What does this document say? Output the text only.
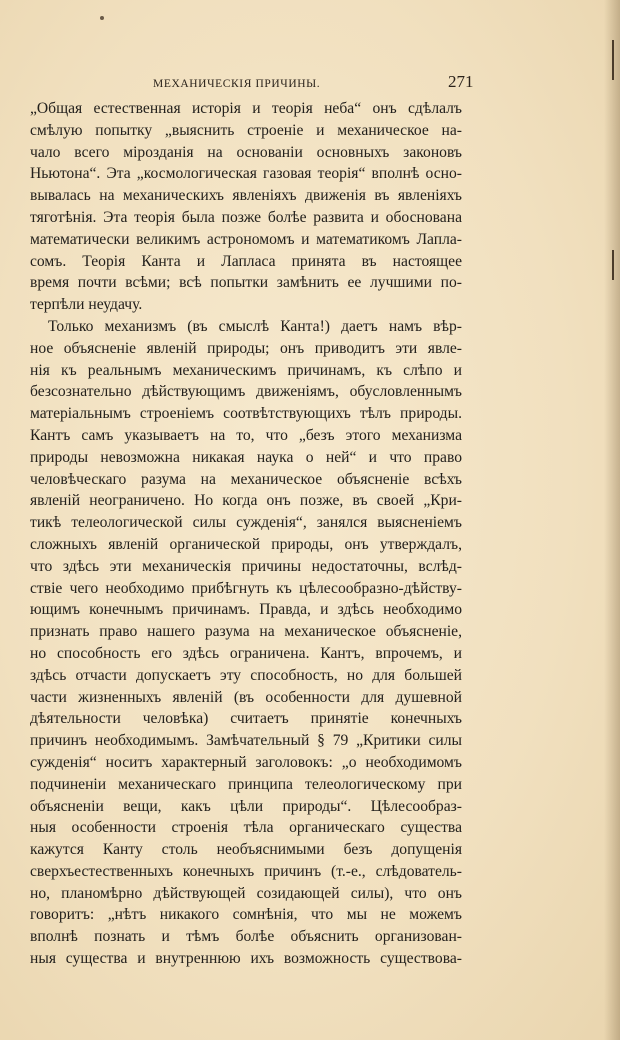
МЕХАНИЧЕСКІЯ ПРИЧИНЫ.	271
„Общая естественная исторія и теорія неба“ онъ сдѣлалъ
смѣлую попытку „выяснить строеніе и механическое на-
чало всего мірозданія на основаніи основныхъ законовъ
Ньютона“. Эта „космологическая газовая теорія“ вполнѣ осно-
вывалась на механическихъ явленіяхъ движенія въ явленіяхъ
тяготѣнія. Эта теорія была позже болѣе развита и обоснована
математически великимъ астрономомъ и математикомъ Лапла-
сомъ. Теорія Канта и Лапласа принята въ настоящее
время почти всѣми; всѣ попытки замѣнить ее лучшими по-
терпѣли неудачу.
Только механизмъ (въ смыслѣ Канта!) даетъ намъ вѣр-
ное объясненіе явленій природы; онъ приводитъ эти явле-
нія къ реальнымъ механическимъ причинамъ, къ слѣпо и
безсознательно дѣйствующимъ движеніямъ, обусловленнымъ
матеріальнымъ строеніемъ соотвѣтствующихъ тѣлъ природы.
Кантъ самъ указываетъ на то, что „безъ этого механизма
природы невозможна никакая наука о ней“ и что право
человѣческаго разума на механическое объясненіе всѣхъ
явленій неограничено. Но когда онъ позже, въ своей „Кри-
тикѣ телеологической силы сужденія“, занялся выясненіемъ
сложныхъ явленій органической природы, онъ утверждалъ,
что здѣсь эти механическія причины недостаточны, вслѣд-
ствіе чего необходимо прибѣгнуть къ цѣлесообразно-дѣйству-
ющимъ конечнымъ причинамъ. Правда, и здѣсь необходимо
признать право нашего разума на механическое объясненіе,
но способность его здѣсь ограничена. Кантъ, впрочемъ, и
здѣсь отчасти допускаетъ эту способность, но для большей
части жизненныхъ явленій (въ особенности для душевной
дѣятельности человѣка) считаетъ принятіе конечныхъ
причинъ необходимымъ. Замѣчательный § 79 „Критики силы
сужденія“ носитъ характерный заголовокъ: „о необходимомъ
подчиненіи механическаго принципа телеологическому при
объясненіи вещи, какъ цѣли природы“. Цѣлесообраз-
ныя особенности строенія тѣла органическаго существа
кажутся Канту столь необъяснимыми безъ допущенія
сверхъестественныхъ конечныхъ причинъ (т.-е., слѣдователь-
но, планомѣрно дѣйствующей созидающей силы), что онъ
говоритъ: „нѣтъ никакого сомнѣнія, что мы не можемъ
вполнѣ познать и тѣмъ болѣе объяснить организован-
ныя существа и внутреннюю ихъ возможность существова-
